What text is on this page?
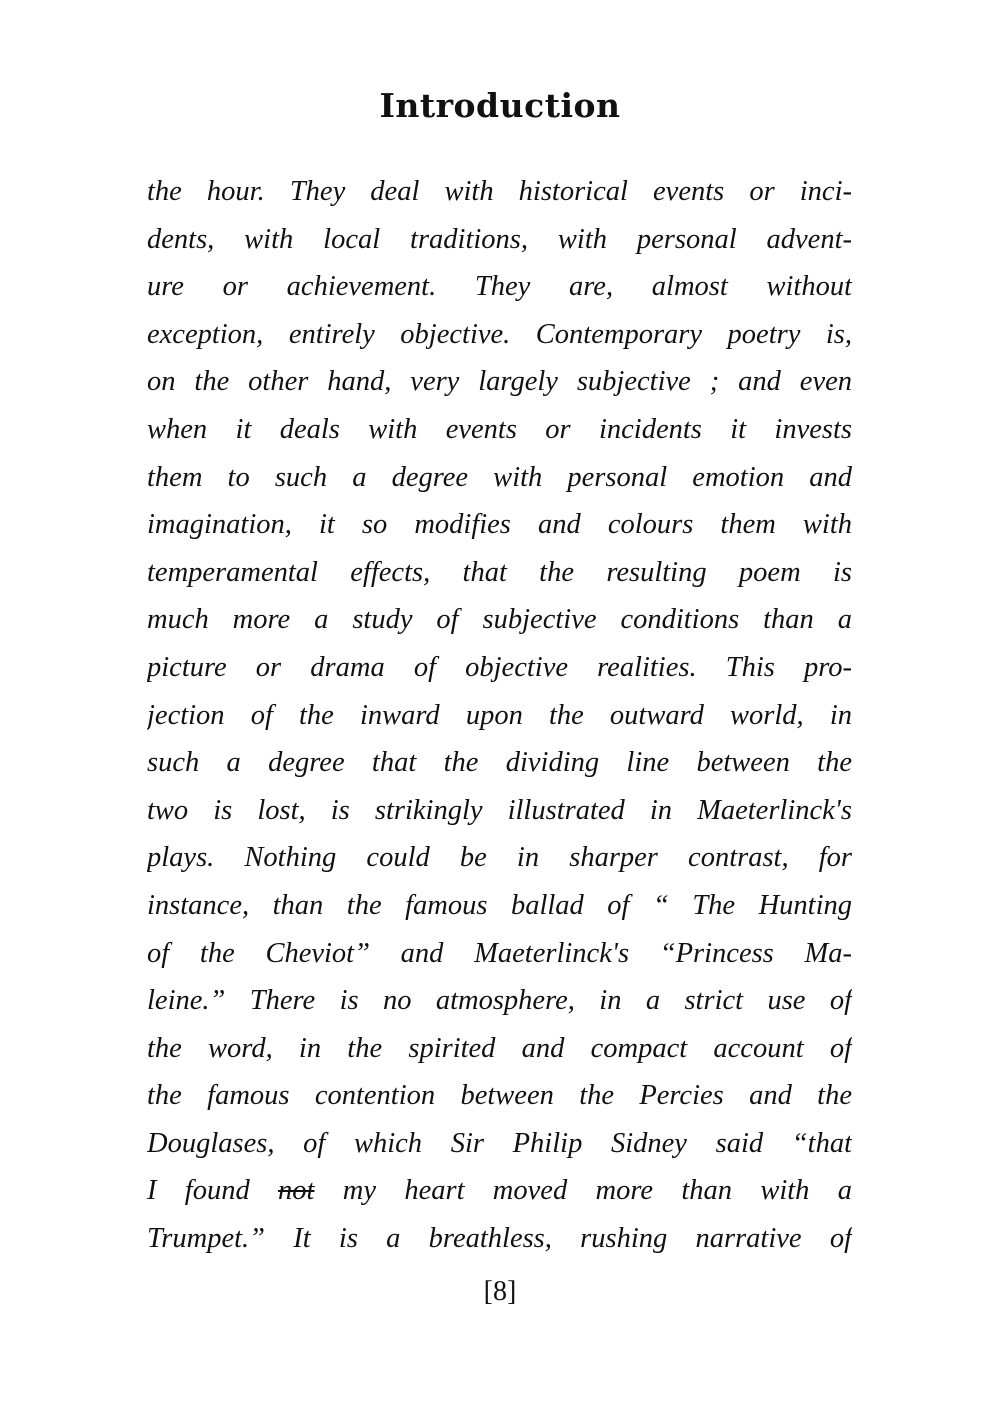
Introduction
the hour. They deal with historical events or inci-
dents, with local traditions, with personal advent-
ure or achievement. They are, almost without
exception, entirely objective. Contemporary poetry is,
on the other hand, very largely subjective ; and even
when it deals with events or incidents it invests
them to such a degree with personal emotion and
imagination, it so modifies and colours them with
temperamental effects, that the resulting poem is
much more a study of subjective conditions than a
picture or drama of objective realities. This pro-
jection of the inward upon the outward world, in
such a degree that the dividing line between the
two is lost, is strikingly illustrated in Maeterlinck's
plays. Nothing could be in sharper contrast, for
instance, than the famous ballad of “ The Hunting
of the Cheviot” and Maeterlinck's “Princess Ma-
leine.” There is no atmosphere, in a strict use of
the word, in the spirited and compact account of
the famous contention between the Percies and the
Douglases, of which Sir Philip Sidney said “that
I found not my heart moved more than with a
Trumpet.” It is a breathless, rushing narrative of
[8]
